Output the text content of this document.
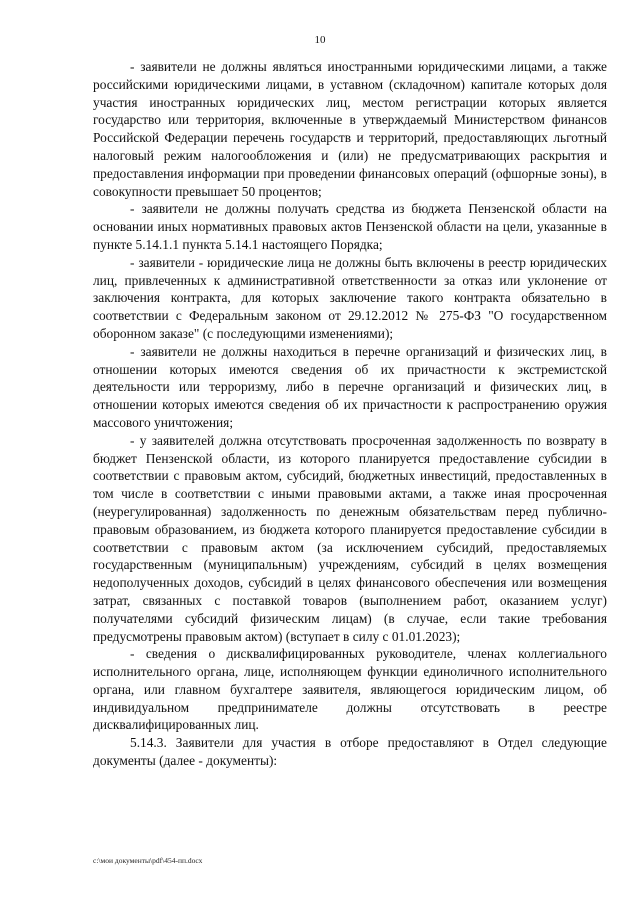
10

- заявители не должны являться иностранными юридическими лицами, а также российскими юридическими лицами, в уставном (складочном) капитале которых доля участия иностранных юридических лиц, местом регистрации которых является государство или территория, включенные в утверждаемый Министерством финансов Российской Федерации перечень государств и территорий, предоставляющих льготный налоговый режим налогообложения и (или) не предусматривающих раскрытия и предоставления информации при проведении финансовых операций (офшорные зоны), в совокупности превышает 50 процентов;

- заявители не должны получать средства из бюджета Пензенской области на основании иных нормативных правовых актов Пензенской области на цели, указанные в пункте 5.14.1.1 пункта 5.14.1 настоящего Порядка;

- заявители - юридические лица не должны быть включены в реестр юридических лиц, привлеченных к административной ответственности за отказ или уклонение от заключения контракта, для которых заключение такого контракта обязательно в соответствии с Федеральным законом от 29.12.2012 № 275-ФЗ "О государственном оборонном заказе" (с последующими изменениями);

- заявители не должны находиться в перечне организаций и физических лиц, в отношении которых имеются сведения об их причастности к экстремистской деятельности или терроризму, либо в перечне организаций и физических лиц, в отношении которых имеются сведения об их причастности к распространению оружия массового уничтожения;

- у заявителей должна отсутствовать просроченная задолженность по возврату в бюджет Пензенской области, из которого планируется предоставление субсидии в соответствии с правовым актом, субсидий, бюджетных инвестиций, предоставленных в том числе в соответствии с иными правовыми актами, а также иная просроченная (неурегулированная) задолженность по денежным обязательствам перед публично-правовым образованием, из бюджета которого планируется предоставление субсидии в соответствии с правовым актом (за исключением субсидий, предоставляемых государственным (муниципальным) учреждениям, субсидий в целях возмещения недополученных доходов, субсидий в целях финансового обеспечения или возмещения затрат, связанных с поставкой товаров (выполнением работ, оказанием услуг) получателями субсидий физическим лицам) (в случае, если такие требования предусмотрены правовым актом) (вступает в силу с 01.01.2023);

- сведения о дисквалифицированных руководителе, членах коллегиального исполнительного органа, лице, исполняющем функции единоличного исполнительного органа, или главном бухгалтере заявителя, являющегося юридическим лицом, об индивидуальном предпринимателе должны отсутствовать в реестре дисквалифицированных лиц.

5.14.3. Заявители для участия в отборе предоставляют в Отдел следующие документы (далее - документы):

c:\мои документы\pdf\454-пп.docx
